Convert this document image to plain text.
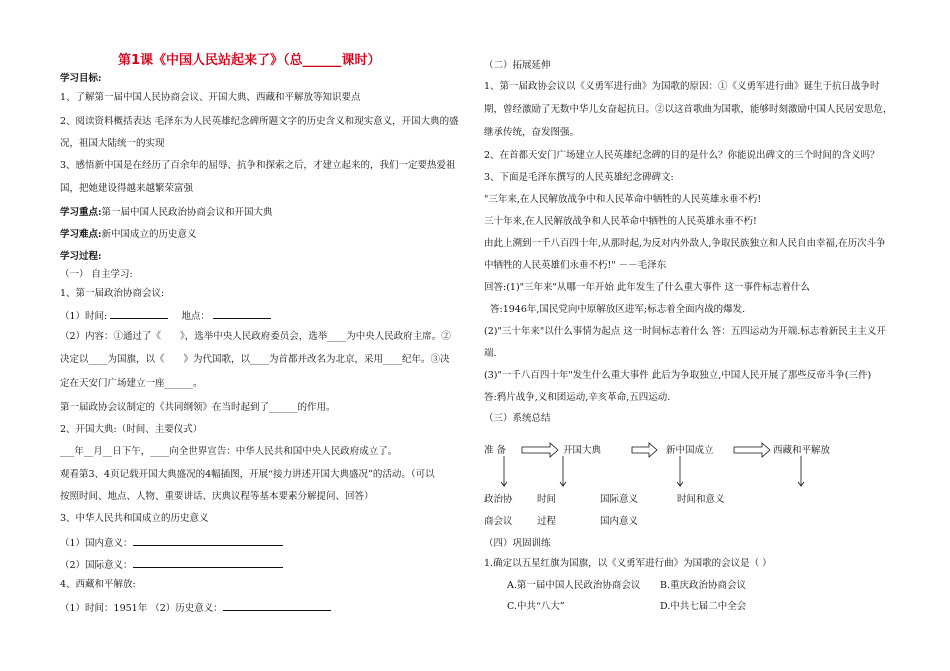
第1课《中国人民站起来了》（总______课时）
学习目标:
1、了解第一届中国人民协商会议、开国大典、西藏和平解放等知识要点
2、阅读资料概括表达 毛泽东为人民英雄纪念碑所题文字的历史含义和现实意义，开国大典的盛
况，祖国大陆统一的实现
3、感悟新中国是在经历了百余年的屈辱、抗争和探索之后，才建立起来的，我们一定要热爱祖
国，把她建设得越来越繁荣富强
学习重点:第一届中国人民政治协商会议和开国大典
学习难点:新中国成立的历史意义
学习过程:
（一） 自主学习:
1、第一届政治协商会议:
（1）时间:	地点：
（2）内容：①通过了《　　》，选举中央人民政府委员会，选举____为中央人民政府主席。②
决定以____为国旗，以《　　》为代国歌，以____为首都并改名为北京，采用____纪年。③决
定在天安门广场建立一座______。
第一届政协会议制定的《共同纲领》在当时起到了______的作用。
2、开国大典:（时间、主要仪式）
___年__月__日下午，____向全世界宣告：中华人民共和国中央人民政府成立了。
观看第3、4页记载开国大典盛况的4幅插图，开展“接力讲述开国大典盛况”的活动。（可以
按照时间、地点、人物、重要讲话、庆典议程等基本要素分解提问、回答）
3、中华人民共和国成立的历史意义
（1）国内意义：
（2）国际意义：
4、西藏和平解放:
（1）时间：1951年 （2）历史意义：
（二）拓展延伸
1、第一届政协会议以《义勇军进行曲》为国歌的原因：①《义勇军进行曲》诞生于抗日战争时
期，曾经激励了无数中华儿女奋起抗日。②以这首歌曲为国歌，能够时刻激励中国人民居安思危，
继承传统，奋发图强。
2、在首都天安门广场建立人民英雄纪念碑的目的是什么？你能说出碑文的三个时间的含义吗？
3、下面是毛泽东撰写的人民英雄纪念碑碑文:
"三年来,在人民解放战争中和人民革命中牺牲的人民英雄永垂不朽!
三十年来,在人民解放战争和人民革命中牺牲的人民英雄永垂不朽!
由此上溯到一千八百四十年,从那时起,为反对内外敌人,争取民族独立和人民自由幸福,在历次斗争
中牺牲的人民英雄们永垂不朽!" －－毛泽东
回答:(1)"三年来"从哪一年开始 此年发生了什么重大事件 这一事件标志着什么
答:1946年,国民党向中原解放区进军;标志着全面内战的爆发.
(2)"三十年来"以什么事情为起点 这一时间标志着什么 答：五四运动为开端.标志着新民主主义开
端.
(3)"一千八百四十年"发生什么重大事件 此后为争取独立,中国人民开展了那些反帝斗争(三件)
答:鸦片战争,义和团运动,辛亥革命,五四运动.
（三）系统总结
准 备	开国大典	新中国成立	西藏和平解放
政治协
商会议
时间
过程
国际意义
国内意义
时间和意义
（四）巩固训练
1.确定以五星红旗为国旗，以《义勇军进行曲》为国歌的会议是（ ）
A.第一届中国人民政治协商会议 B.重庆政治协商会议
C.中共“八大”	D.中共七届二中全会
